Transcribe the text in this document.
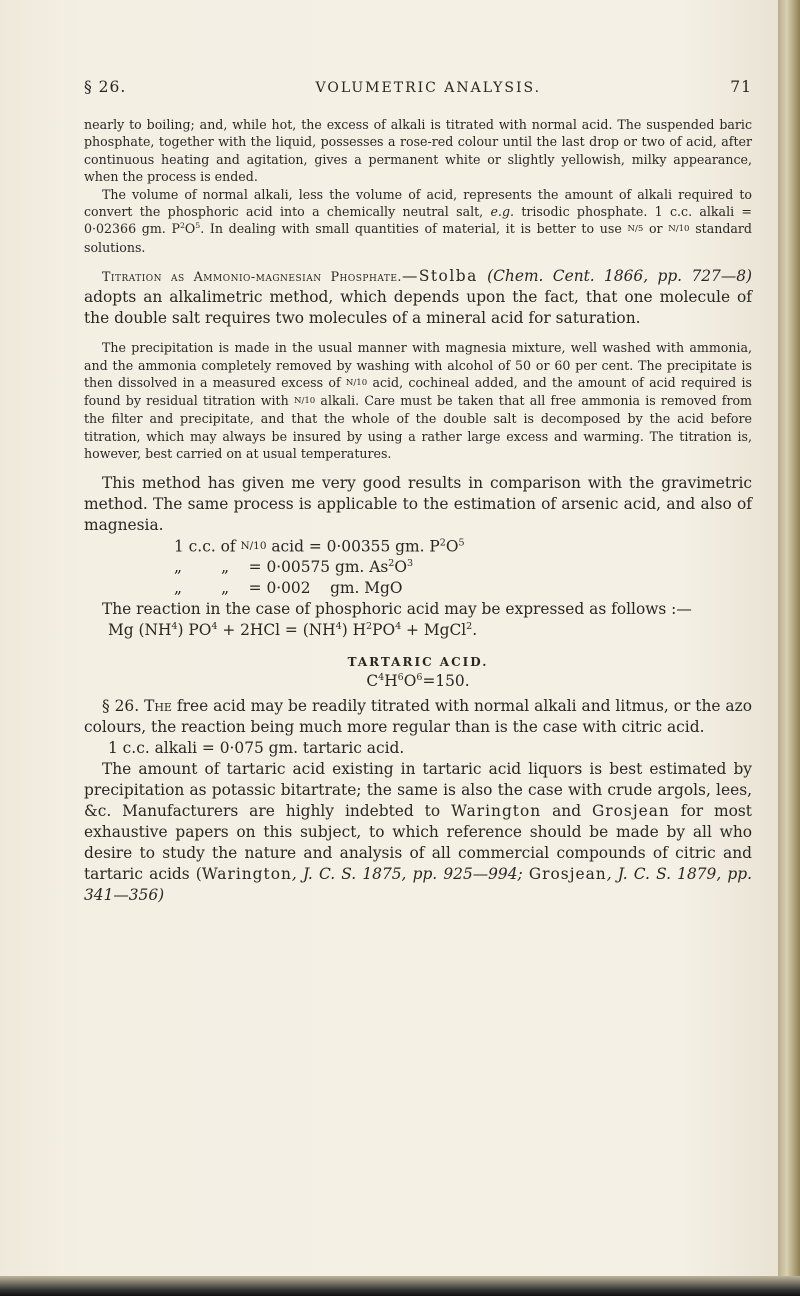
§ 26.	VOLUMETRIC ANALYSIS.	71

nearly to boiling; and, while hot, the excess of alkali is titrated with normal acid. The suspended baric phosphate, together with the liquid, possesses a rose-red colour until the last drop or two of acid, after continuous heating and agitation, gives a permanent white or slightly yellowish, milky appearance, when the process is ended.

The volume of normal alkali, less the volume of acid, represents the amount of alkali required to convert the phosphoric acid into a chemically neutral salt, e.g. trisodic phosphate. 1 c.c. alkali = 0·02366 gm. $P^2O^5$. In dealing with small quantities of material, it is better to use N/5 or N/10 standard solutions.

Titration as Ammonio-magnesian Phosphate.—Stolba (Chem. Cent. 1866, pp. 727—8) adopts an alkalimetric method, which depends upon the fact, that one molecule of the double salt requires two molecules of a mineral acid for saturation.

The precipitation is made in the usual manner with magnesia mixture, well washed with ammonia, and the ammonia completely removed by washing with alcohol of 50 or 60 per cent. The precipitate is then dissolved in a measured excess of N/10 acid, cochineal added, and the amount of acid required is found by residual titration with N/10 alkali. Care must be taken that all free ammonia is removed from the filter and precipitate, and that the whole of the double salt is decomposed by the acid before titration, which may always be insured by using a rather large excess and warming. The titration is, however, best carried on at usual temperatures.

This method has given me very good results in comparison with the gravimetric method. The same process is applicable to the estimation of arsenic acid, and also of magnesia.

1 c.c. of N/10 acid = 0·00355 gm. $P^2O^5$
„        „    = 0·00575 gm. $As^2O^3$
„        „    = 0·002    gm. MgO

The reaction in the case of phosphoric acid may be expressed as follows :—

Mg $(NH^4) PO^4 + 2HCl = (NH^4) H^2PO^4$ + MgCl$^2$.
TARTARIC ACID.
$C^4H^6O^6=150$.

§ 26. The free acid may be readily titrated with normal alkali and litmus, or the azo colours, the reaction being much more regular than is the case with citric acid.

1 c.c. alkali = 0·075 gm. tartaric acid.

The amount of tartaric acid existing in tartaric acid liquors is best estimated by precipitation as potassic bitartrate; the same is also the case with crude argols, lees, &c. Manufacturers are highly indebted to Warington and Grosjean for most exhaustive papers on this subject, to which reference should be made by all who desire to study the nature and analysis of all commercial compounds of citric and tartaric acids (Warington, J. C. S. 1875, pp. 925—994; Grosjean, J. C. S. 1879, pp. 341—356)
